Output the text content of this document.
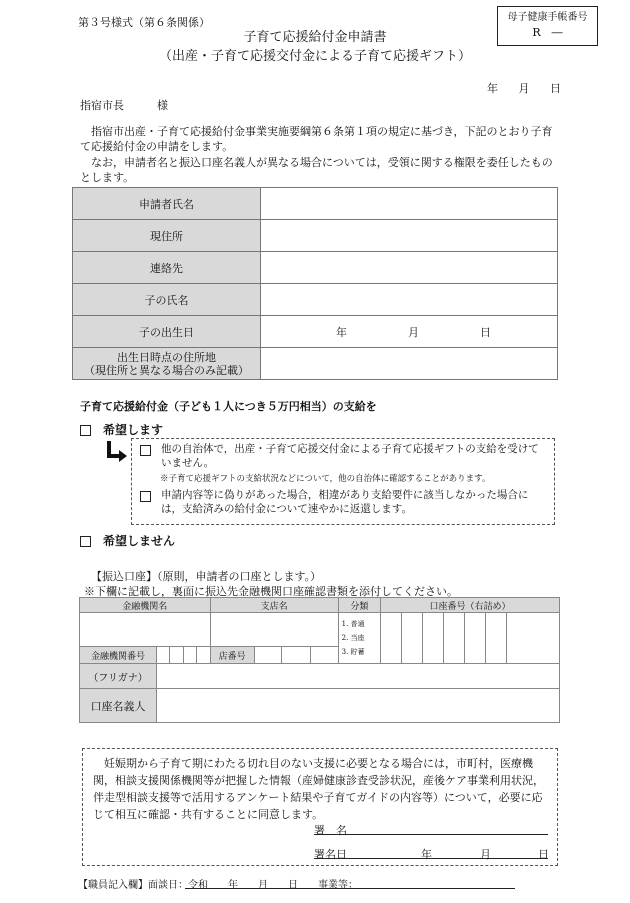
第３号様式（第６条関係）
子育て応援給付金申請書
（出産・子育て応援交付金による子育て応援ギフト）
母子健康手帳番号
R　―
年 月 日
指宿市長　　　様
指宿市出産・子育て応援給付金事業実施要綱第６条第１項の規定に基づき，下記のとおり子育て応援給付金の申請をします。
なお，申請者名と振込口座名義人が異なる場合については，受領に関する権限を委任したものとします。
申請者氏名	
現住所	
連絡先	
子の氏名	
子の出生日	年 月 日

出生日時点の住所地
（現住所と異なる場合のみ記載）	

子育て応援給付金（子ども１人につき５万円相当）の支給を
希望します
他の自治体で，出産・子育て応援交付金による子育て応援ギフトの支給を受けていません。
※子育て応援ギフトの支給状況などについて，他の自治体に確認することがあります。
申請内容等に偽りがあった場合，相違があり支給要件に該当しなかった場合には，支給済みの給付金について速やかに返還します。
希望しません
【振込口座】（原則，申請者の口座とします。）
※下欄に記載し，裏面に振込先金融機関口座確認書類を添付してください。
金融機関名					支店名				分類	口座番号（右詰め）						

									1. 普通
2. 当座
3. 貯蓄							

金融機関番号					店番号											
（フリガナ）																
口座名義人																
妊娠期から子育て期にわたる切れ目のない支援に必要となる場合には，市町村，医療機関，相談支援関係機関等が把握した情報（産婦健康診査受診状況，産後ケア事業利用状況，伴走型相談支援等で活用するアンケート結果や子育てガイドの内容等）について，必要に応じて相互に確認・共有することに同意します。
署　名
署名日	年	月	日
【職員記入欄】面談日：令和　　年　　月　　日　　事業等：
